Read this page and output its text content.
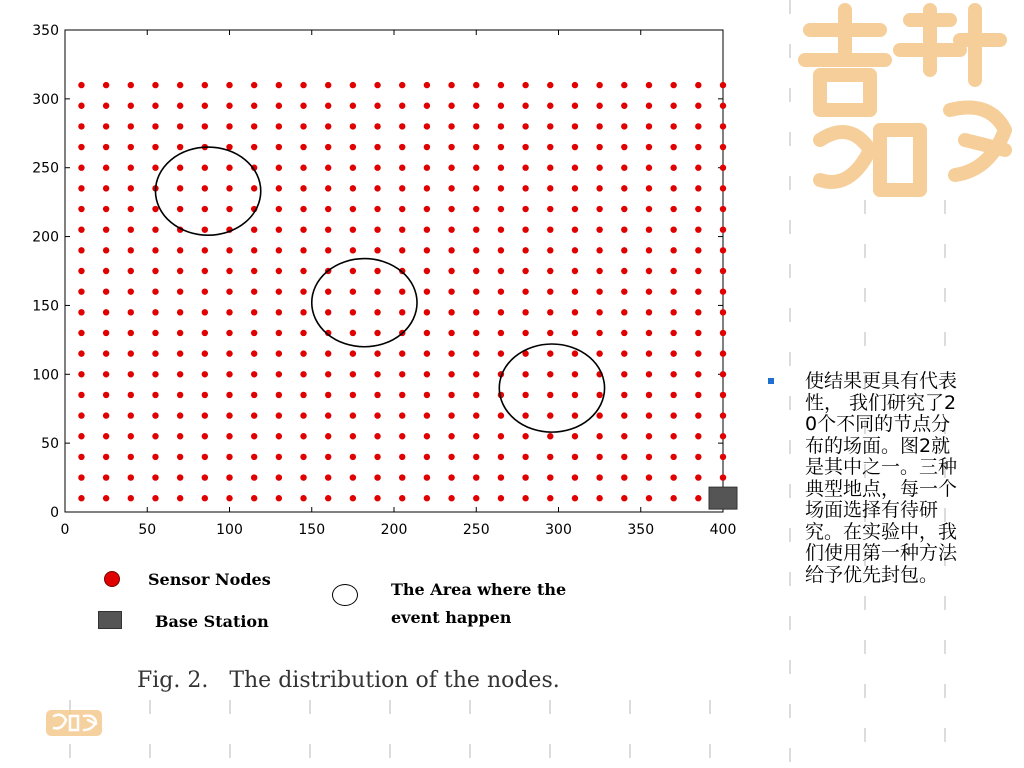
0	50	100	150	200	250	300	350	400
0
50
100
150
200
250
300
350
Sensor Nodes
Base Station
The Area where the
event happen
Fig. 2.   The distribution of the nodes.
使结果更具有代表性， 我们研究了20个不同的节点分布的场面。图2就是其中之一。三种典型地点，每一个场面选择有待研究。在实验中，我们使用第一种方法给予优先封包。
